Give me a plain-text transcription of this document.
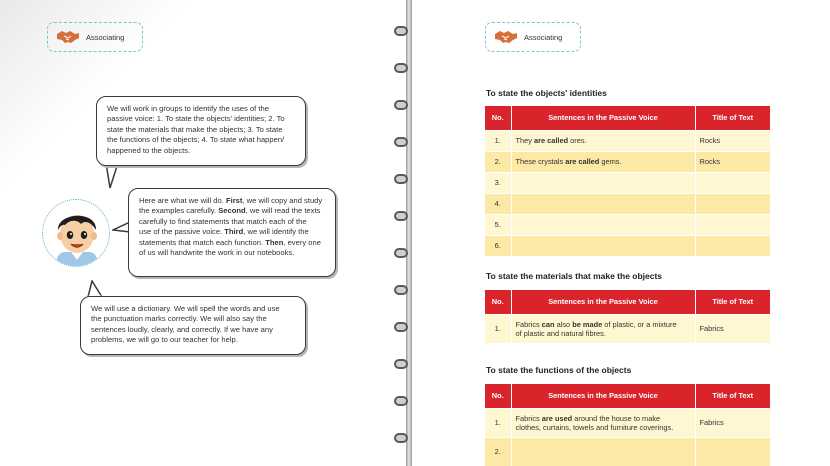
Associating
We will work in groups to identify the uses of the
passive voice: 1. To state the objects' identities; 2. To
state the materials that make the objects; 3. To state
the functions of the objects; 4. To state what happen/
happened to the objects.
Here are what we will do. First, we will copy and study
the examples carefully. Second, we will read the texts
carefully to find statements that match each of the
use of the passive voice. Third, we will identify the
statements that match each function. Then, every one
of us will handwrite the work in our notebooks.
We will use a dictionary. We will spell the words and use
the punctuation marks correctly. We will also say the
sentences loudly, clearly, and correctly. If we have any
problems, we will go to our teacher for help.
Associating
To state the objects' identities
No.	Sentences in the Passive Voice	Title of Text
1.	They are called ores.	Rocks
2.	These crystals are called gems.	Rocks
3.		
4.		
5.		
6.		
To state the materials that make the objects
No.	Sentences in the Passive Voice	Title of Text
1.	Fabrics can also be made of plastic, or a mixture
of plastic and natural fibres.	Fabrics
To state the functions of the objects
No.	Sentences in the Passive Voice	Title of Text
1.	Fabrics are used around the house to make
clothes, curtains, towels and furniture coverings.	Fabrics
2.		
